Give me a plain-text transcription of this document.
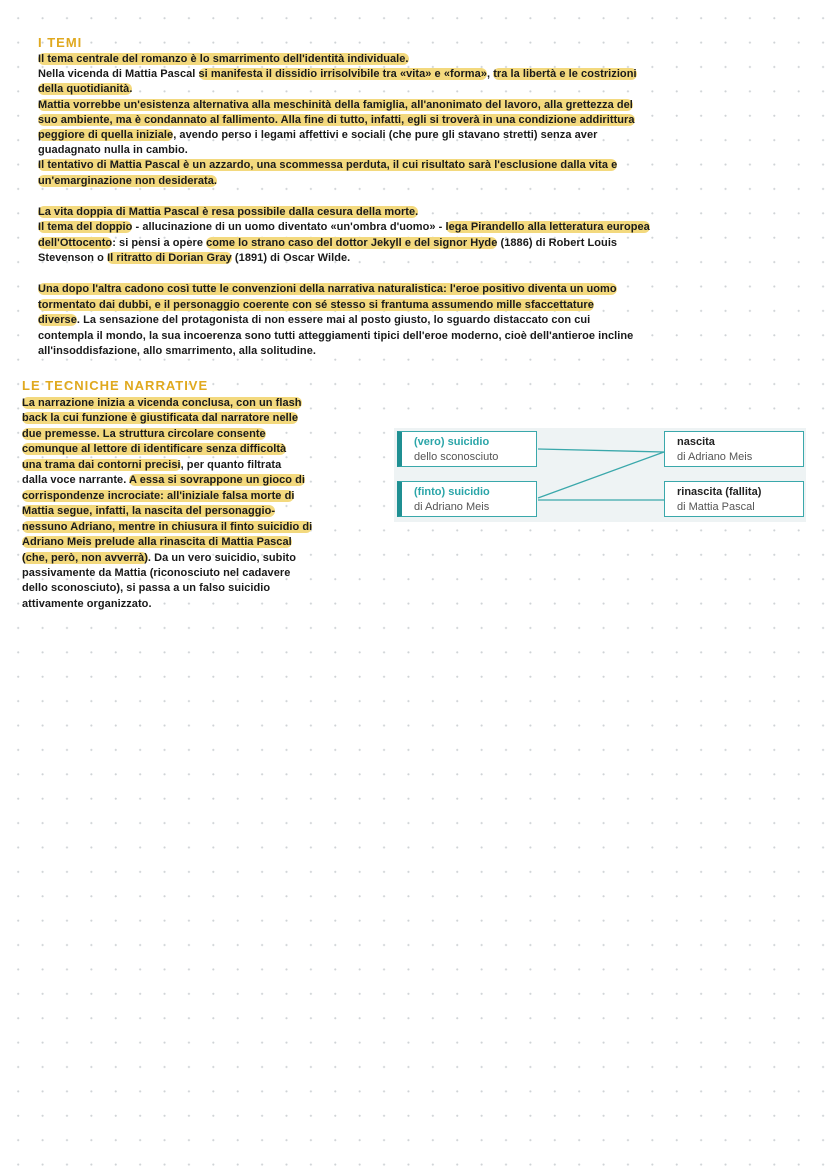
I TEMI
Il tema centrale del romanzo è lo smarrimento dell'identità individuale.
Nella vicenda di Mattia Pascal si manifesta il dissidio irrisolvibile tra «vita» e «forma», tra la libertà e le costrizioni
della quotidianità.
Mattia vorrebbe un'esistenza alternativa alla meschinità della famiglia, all'anonimato del lavoro, alla grettezza del
suo ambiente, ma è condannato al fallimento. Alla fine di tutto, infatti, egli si troverà in una condizione addirittura
peggiore di quella iniziale, avendo perso i legami affettivi e sociali (che pure gli stavano stretti) senza aver
guadagnato nulla in cambio.
Il tentativo di Mattia Pascal è un azzardo, una scommessa perduta, il cui risultato sarà l'esclusione dalla vita e
un'emarginazione non desiderata.
La vita doppia di Mattia Pascal è resa possibile dalla cesura della morte.
Il tema del doppio - allucinazione di un uomo diventato «un'ombra d'uomo» - lega Pirandello alla letteratura europea
dell'Ottocento: si pensi a opere come lo strano caso del dottor Jekyll e del signor Hyde (1886) di Robert Louis
Stevenson o Il ritratto di Dorian Gray (1891) di Oscar Wilde.
Una dopo l'altra cadono così tutte le convenzioni della narrativa naturalistica: l'eroe positivo diventa un uomo
tormentato dai dubbi, e il personaggio coerente con sé stesso si frantuma assumendo mille sfaccettature
diverse. La sensazione del protagonista di non essere mai al posto giusto, lo sguardo distaccato con cui
contempla il mondo, la sua incoerenza sono tutti atteggiamenti tipici dell'eroe moderno, cioè dell'antieroe incline
all'insoddisfazione, allo smarrimento, alla solitudine.
LE TECNICHE NARRATIVE
La narrazione inizia a vicenda conclusa, con un flash
back la cui funzione è giustificata dal narratore nelle
due premesse. La struttura circolare consente
comunque al lettore di identificare senza difficoltà
una trama dai contorni precisi, per quanto filtrata
dalla voce narrante. A essa si sovrappone un gioco di
corrispondenze incrociate: all'iniziale falsa morte di
Mattia segue, infatti, la nascita del personaggio-
nessuno Adriano, mentre in chiusura il finto suicidio di
Adriano Meis prelude alla rinascita di Mattia Pascal
(che, però, non avverrà). Da un vero suicidio, subito
passivamente da Mattia (riconosciuto nel cadavere
dello sconosciuto), si passa a un falso suicidio
attivamente organizzato.
(vero) suicidio
dello sconosciuto
(finto) suicidio
di Adriano Meis
nascita
di Adriano Meis
rinascita (fallita)
di Mattia Pascal
